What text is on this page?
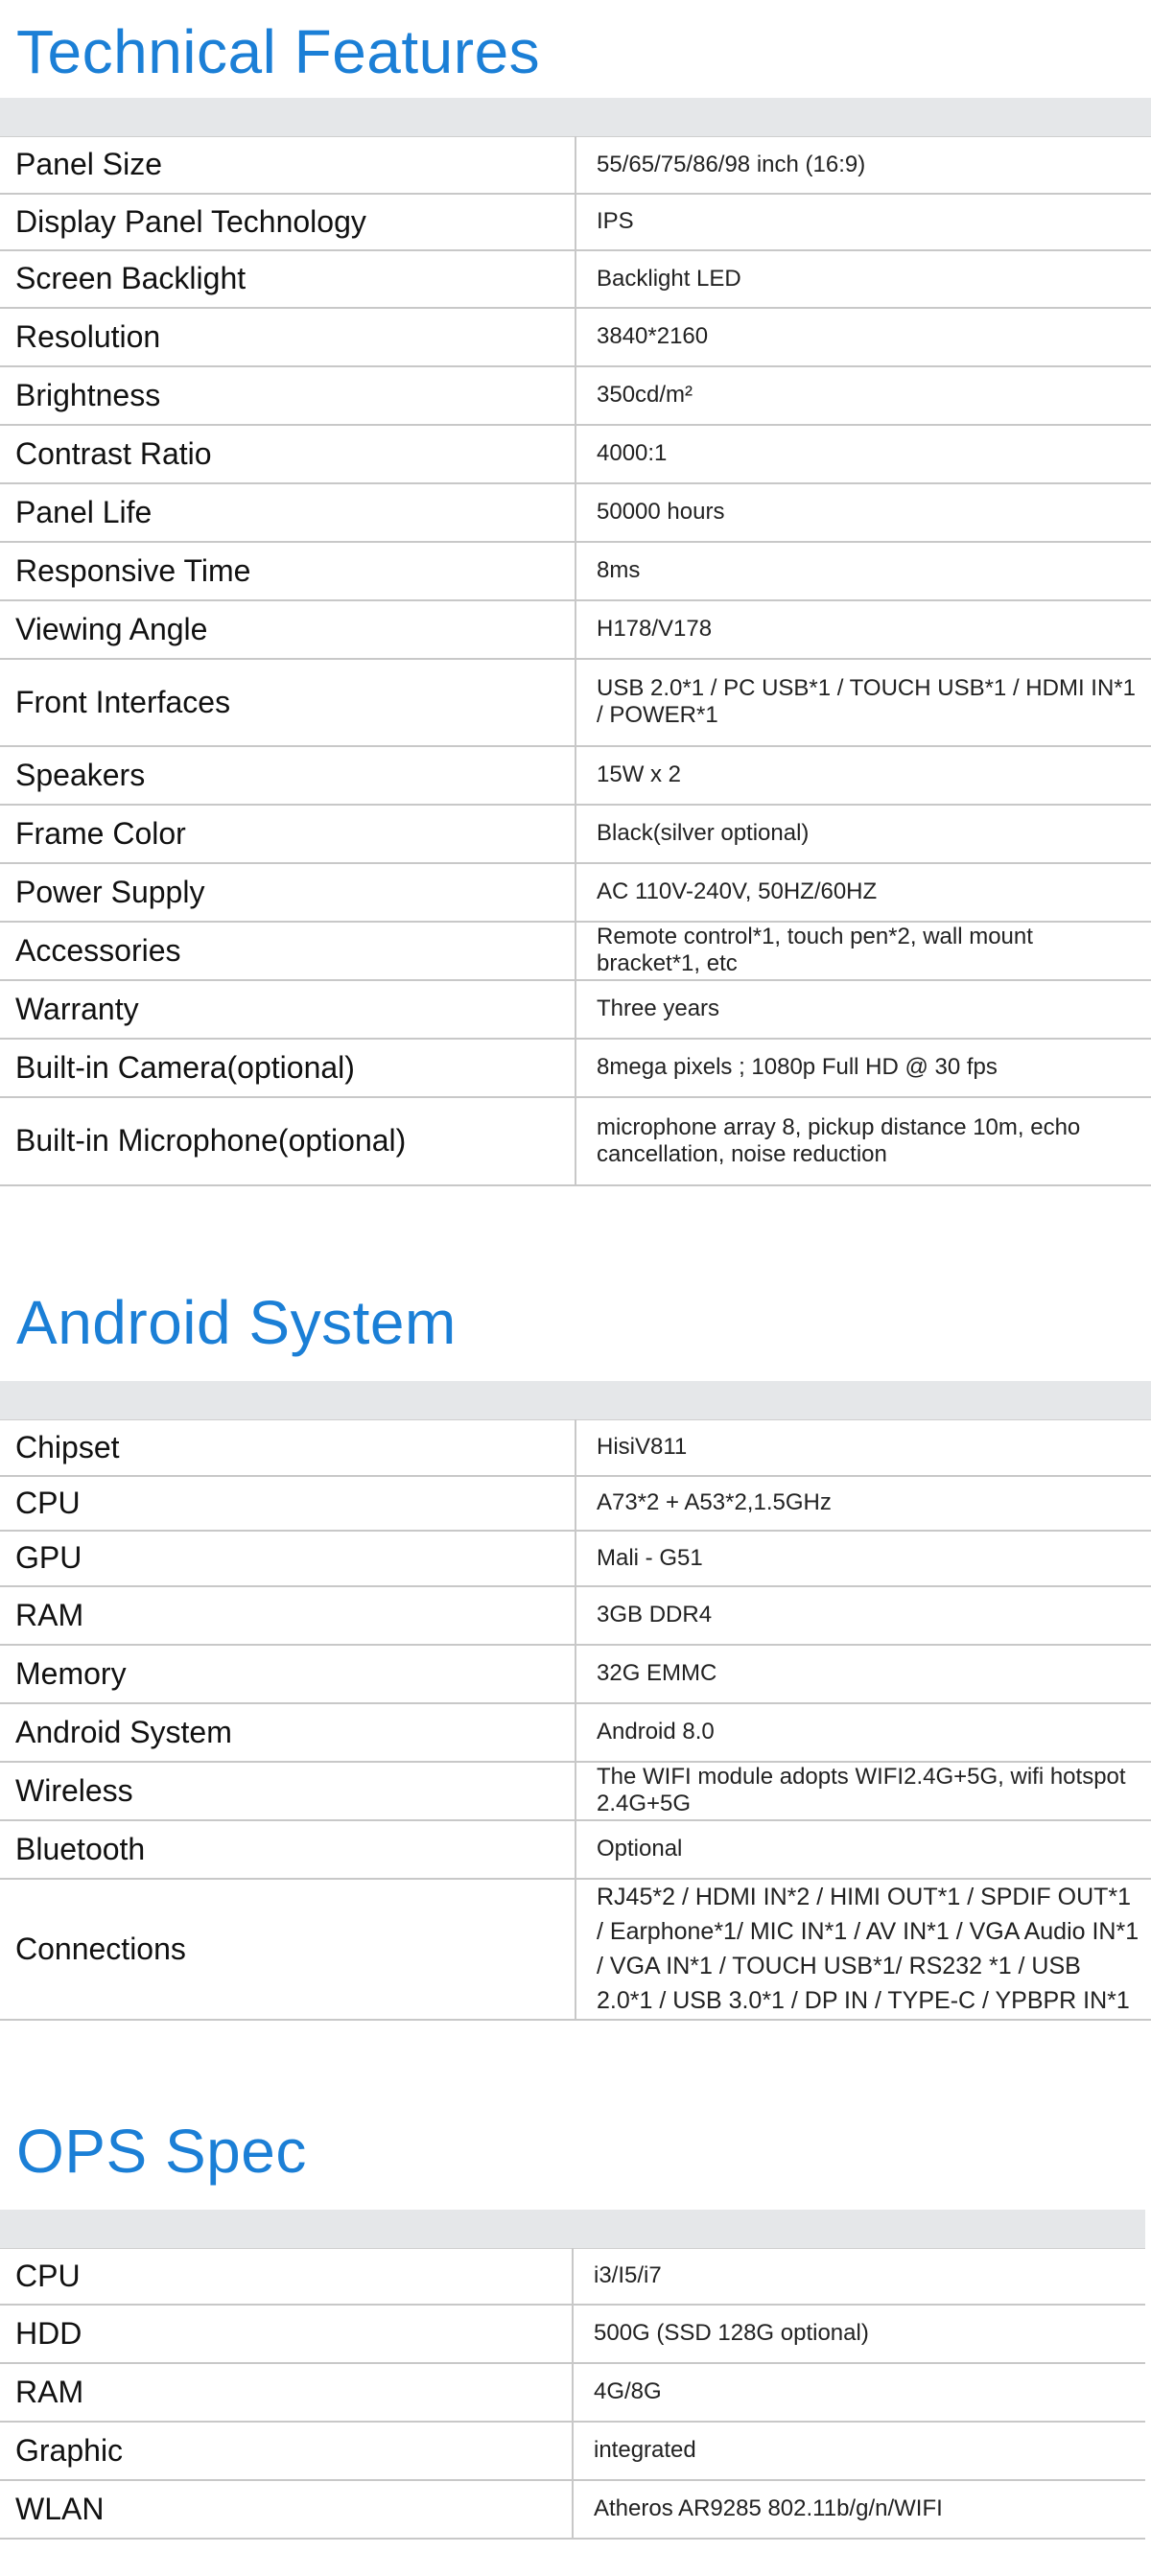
Technical Features

Panel Size	55/65/75/86/98 inch (16:9)
Display Panel Technology	IPS
Screen Backlight	Backlight LED
Resolution	3840*2160
Brightness	350cd/m²
Contrast Ratio	4000:1
Panel Life	50000 hours
Responsive Time	8ms
Viewing Angle	H178/V178
Front Interfaces	USB 2.0*1 / PC USB*1 / TOUCH USB*1 / HDMI IN*1 / POWER*1
Speakers	15W x 2
Frame Color	Black(silver optional)
Power Supply	AC 110V-240V, 50HZ/60HZ
Accessories	Remote control*1, touch pen*2, wall mount bracket*1, etc
Warranty	Three years
Built-in Camera(optional)	8mega pixels ; 1080p Full HD @ 30 fps
Built-in Microphone(optional)	microphone array 8, pickup distance 10m, echo cancellation, noise reduction
Android System

Chipset	HisiV811
CPU	A73*2 + A53*2,1.5GHz
GPU	Mali - G51
RAM	3GB DDR4
Memory	32G EMMC
Android System	Android 8.0
Wireless	The WIFI module adopts WIFI2.4G+5G, wifi hotspot 2.4G+5G
Bluetooth	Optional
Connections	RJ45*2 / HDMI IN*2 / HIMI OUT*1 / SPDIF OUT*1 / Earphone*1/ MIC IN*1 / AV IN*1 / VGA Audio IN*1 / VGA IN*1 / TOUCH USB*1/ RS232 *1 / USB 2.0*1 / USB 3.0*1 / DP IN / TYPE-C / YPBPR IN*1
OPS Spec

CPU	i3/I5/i7
HDD	500G (SSD 128G optional)
RAM	4G/8G
Graphic	integrated
WLAN	Atheros AR9285 802.11b/g/n/WIFI
